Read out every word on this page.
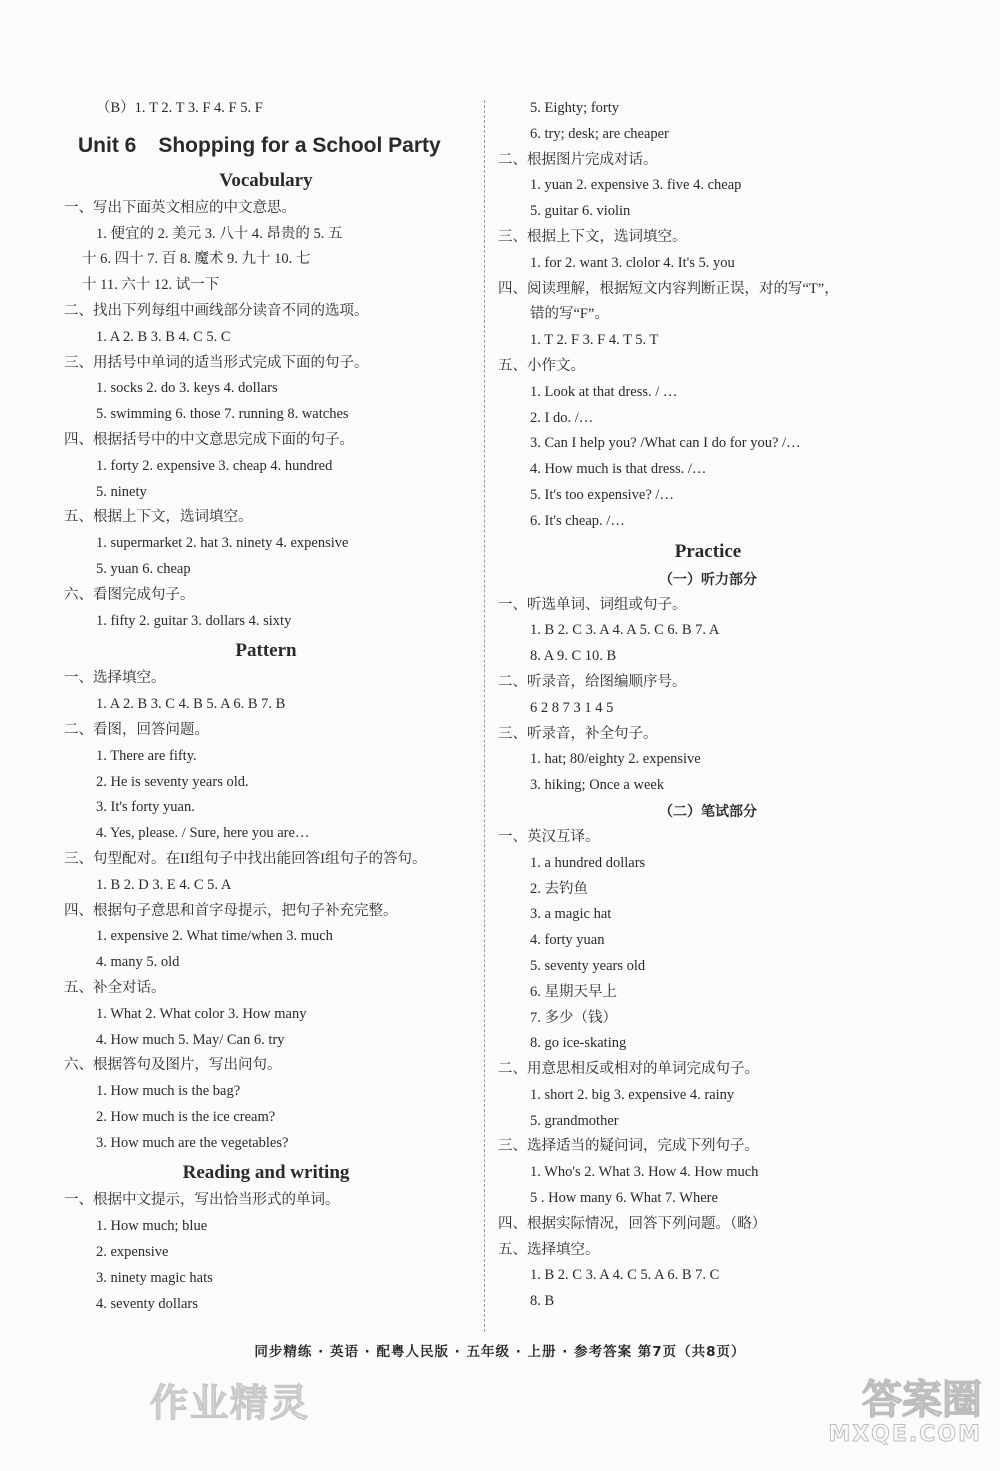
（B）1. T 2. T 3. F 4. F 5. F
Unit 6 Shopping for a School Party
Vocabulary
一、写出下面英文相应的中文意思。
1. 便宜的 2. 美元 3. 八十 4. 昂贵的 5. 五
十 6. 四十 7. 百 8. 魔术 9. 九十 10. 七
十 11. 六十 12. 试一下
二、找出下列每组中画线部分读音不同的选项。
1. A 2. B 3. B 4. C 5. C
三、用括号中单词的适当形式完成下面的句子。
1. socks 2. do 3. keys 4. dollars
5. swimming 6. those 7. running 8. watches
四、根据括号中的中文意思完成下面的句子。
1. forty 2. expensive 3. cheap 4. hundred
5. ninety
五、根据上下文，选词填空。
1. supermarket 2. hat 3. ninety 4. expensive
5. yuan 6. cheap
六、看图完成句子。
1. fifty 2. guitar 3. dollars 4. sixty
Pattern
一、选择填空。
1. A 2. B 3. C 4. B 5. A 6. B 7. B
二、看图，回答问题。
1. There are fifty.
2. He is seventy years old.
3. It's forty yuan.
4. Yes, please. / Sure, here you are…
三、句型配对。在II组句子中找出能回答I组句子的答句。
1. B 2. D 3. E 4. C 5. A
四、根据句子意思和首字母提示，把句子补充完整。
1. expensive 2. What time/when 3. much
4. many 5. old
五、补全对话。
1. What 2. What color 3. How many
4. How much 5. May/ Can 6. try
六、根据答句及图片，写出问句。
1. How much is the bag?
2. How much is the ice cream?
3. How much are the vegetables?
Reading and writing
一、根据中文提示，写出恰当形式的单词。
1. How much; blue
2. expensive
3. ninety magic hats
4. seventy dollars
5. Eighty; forty
6. try; desk; are cheaper
二、根据图片完成对话。
1. yuan 2. expensive 3. five 4. cheap
5. guitar 6. violin
三、根据上下文，选词填空。
1. for 2. want 3. clolor 4. It's 5. you
四、阅读理解，根据短文内容判断正误，对的写“T”，
错的写“F”。
1. T 2. F 3. F 4. T 5. T
五、小作文。
1. Look at that dress. / …
2. I do. /…
3. Can I help you? /What can I do for you? /…
4. How much is that dress. /…
5. It's too expensive? /…
6. It's cheap. /…
Practice
（一）听力部分
一、听选单词、词组或句子。
1. B 2. C 3. A 4. A 5. C 6. B 7. A
8. A 9. C 10. B
二、听录音，给图编顺序号。
6 2 8 7 3 1 4 5
三、听录音，补全句子。
1. hat; 80/eighty 2. expensive
3. hiking; Once a week
（二）笔试部分
一、英汉互译。
1. a hundred dollars
2. 去钓鱼
3. a magic hat
4. forty yuan
5. seventy years old
6. 星期天早上
7. 多少（钱）
8. go ice-skating
二、用意思相反或相对的单词完成句子。
1. short 2. big 3. expensive 4. rainy
5. grandmother
三、选择适当的疑问词，完成下列句子。
1. Who's 2. What 3. How 4. How much
5 . How many 6. What 7. Where
四、根据实际情况，回答下列问题。（略）
五、选择填空。
1. B 2. C 3. A 4. C 5. A 6. B 7. C
8. B
同步精练 · 英语 · 配粤人民版 · 五年级 · 上册 · 参考答案 第7页（共8页）
作业精灵	答案圈
MXQE.COM
